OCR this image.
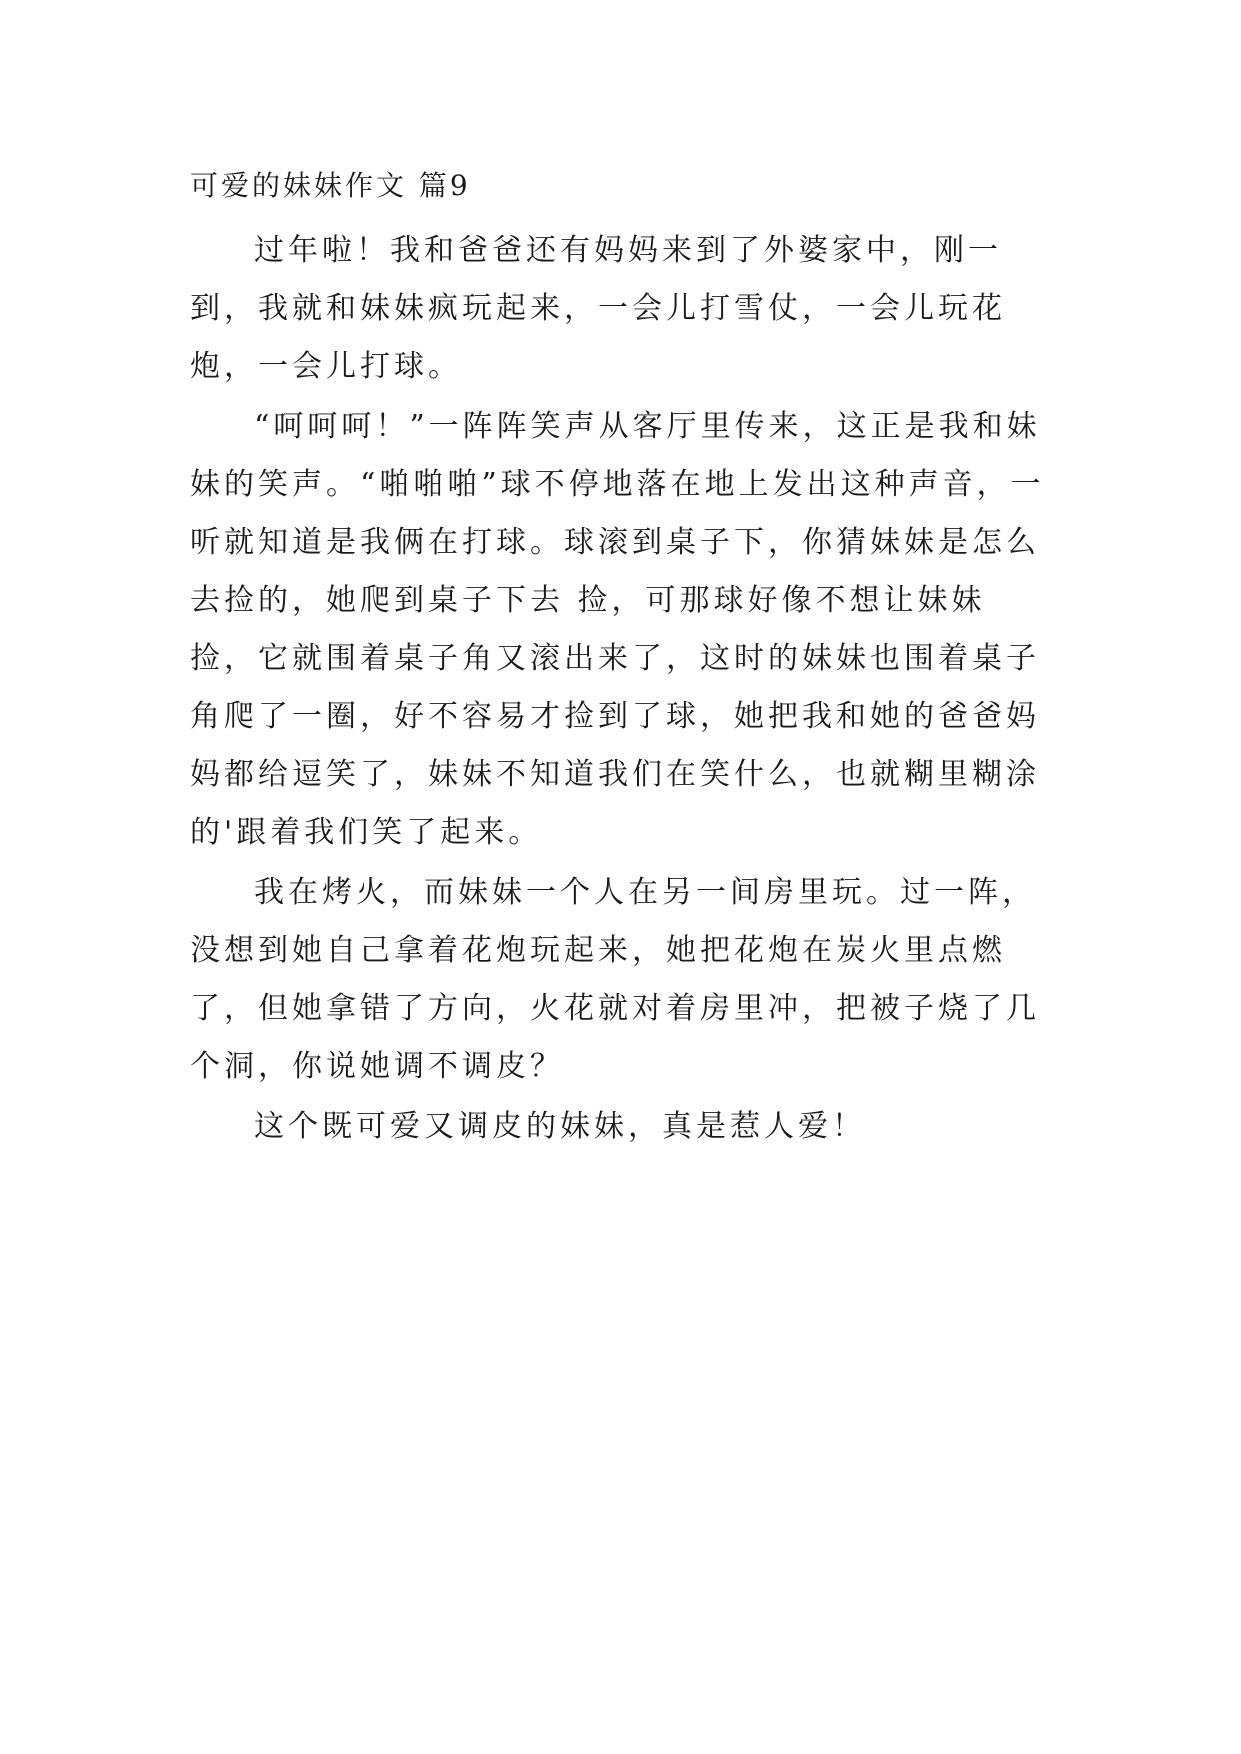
可爱的妹妹作文 篇9

过年啦！我和爸爸还有妈妈来到了外婆家中，刚一到，我就和妹妹疯玩起来，一会儿打雪仗，一会儿玩花炮，一会儿打球。

“呵呵呵！”一阵阵笑声从客厅里传来，这正是我和妹妹的笑声。“啪啪啪”球不停地落在地上发出这种声音，一听就知道是我俩在打球。球滚到桌子下，你猜妹妹是怎么去捡的，她爬到桌子下去 捡，可那球好像不想让妹妹捡，它就围着桌子角又滚出来了，这时的妹妹也围着桌子角爬了一圈，好不容易才捡到了球，她把我和她的爸爸妈妈都给逗笑了，妹妹不知道我们在笑什么，也就糊里糊涂的'跟着我们笑了起来。

我在烤火，而妹妹一个人在另一间房里玩。过一阵，没想到她自己拿着花炮玩起来，她把花炮在炭火里点燃了，但她拿错了方向，火花就对着房里冲，把被子烧了几个洞，你说她调不调皮？

这个既可爱又调皮的妹妹，真是惹人爱！
